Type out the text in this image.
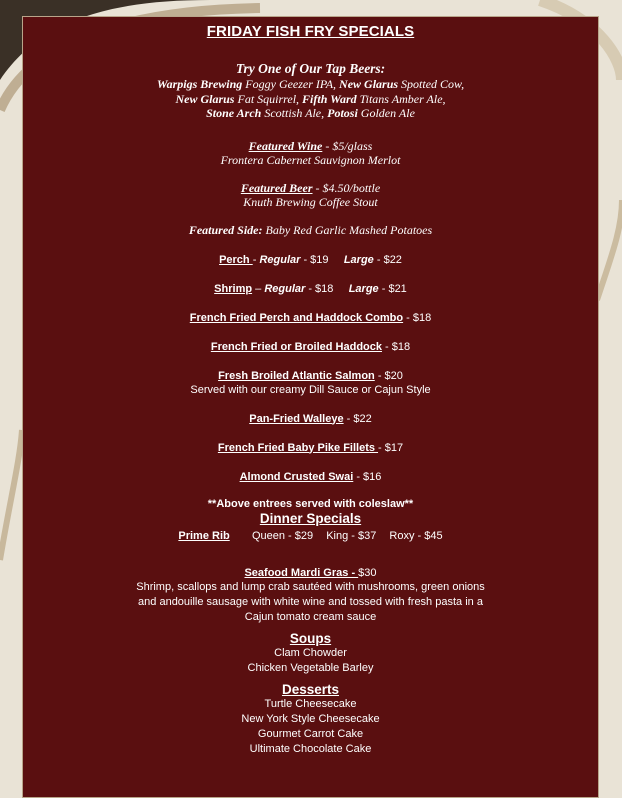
FRIDAY FISH FRY SPECIALS
Try One of Our Tap Beers:
Warpigs Brewing Foggy Geezer IPA, New Glarus Spotted Cow,
New Glarus Fat Squirrel, Fifth Ward Titans Amber Ale,
Stone Arch Scottish Ale, Potosi Golden Ale
Featured Wine - $5/glass
Frontera Cabernet Sauvignon Merlot
Featured Beer - $4.50/bottle
Knuth Brewing Coffee Stout
Featured Side: Baby Red Garlic Mashed Potatoes
Perch - Regular - $19 Large - $22
Shrimp – Regular - $18 Large - $21
French Fried Perch and Haddock Combo - $18
French Fried or Broiled Haddock - $18
Fresh Broiled Atlantic Salmon - $20
Served with our creamy Dill Sauce or Cajun Style
Pan-Fried Walleye - $22
French Fried Baby Pike Fillets - $17
Almond Crusted Swai - $16
**Above entrees served with coleslaw**
Dinner Specials
Prime Rib Queen - $29 King - $37 Roxy - $45
Seafood Mardi Gras - $30
Shrimp, scallops and lump crab sautéed with mushrooms, green onions
and andouille sausage with white wine and tossed with fresh pasta in a
Cajun tomato cream sauce
Soups
Clam Chowder
Chicken Vegetable Barley
Desserts
Turtle Cheesecake
New York Style Cheesecake
Gourmet Carrot Cake
Ultimate Chocolate Cake
